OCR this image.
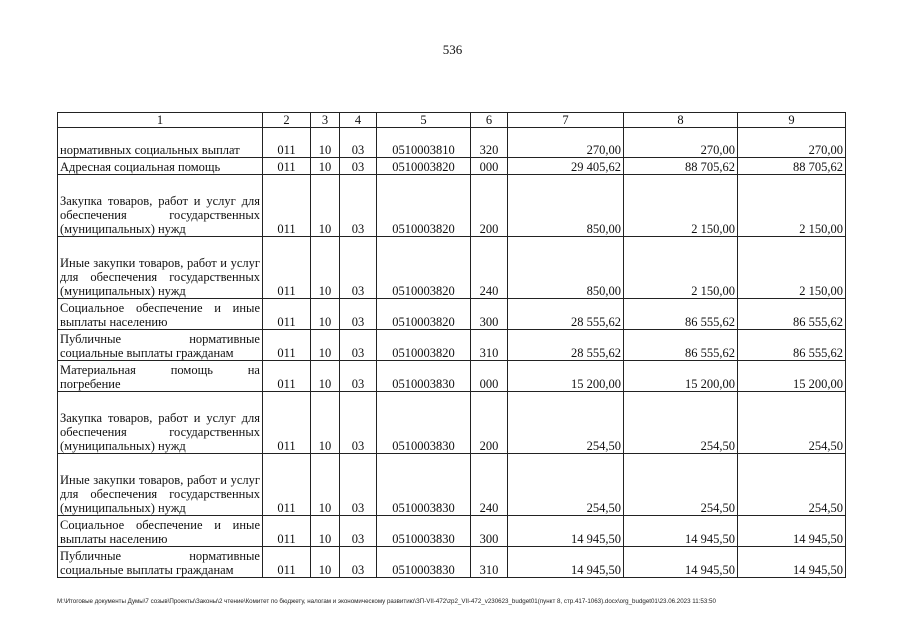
536
1	2	3	4	5	6	7	8	9
нормативных социальных выплат	011	10	03	0510003810	320	270,00	270,00	270,00
Адресная социальная помощь	011	10	03	0510003820	000	29 405,62	88 705,62	88 705,62
Закупка товаров, работ и услуг для обеспечения государственных (муниципальных) нужд	011	10	03	0510003820	200	850,00	2 150,00	2 150,00
Иные закупки товаров, работ и услуг для обеспечения государственных (муниципальных) нужд	011	10	03	0510003820	240	850,00	2 150,00	2 150,00
Социальное обеспечение и иные выплаты населению	011	10	03	0510003820	300	28 555,62	86 555,62	86 555,62
Публичные нормативные социальные выплаты гражданам	011	10	03	0510003820	310	28 555,62	86 555,62	86 555,62
Материальная помощь на погребение	011	10	03	0510003830	000	15 200,00	15 200,00	15 200,00
Закупка товаров, работ и услуг для обеспечения государственных (муниципальных) нужд	011	10	03	0510003830	200	254,50	254,50	254,50
Иные закупки товаров, работ и услуг для обеспечения государственных (муниципальных) нужд	011	10	03	0510003830	240	254,50	254,50	254,50
Социальное обеспечение и иные выплаты населению	011	10	03	0510003830	300	14 945,50	14 945,50	14 945,50
Публичные нормативные социальные выплаты гражданам	011	10	03	0510003830	310	14 945,50	14 945,50	14 945,50
M:\Итоговые документы Думы\7 созыв\Проекты\Законы\2 чтение\Комитет по бюджету, налогам и экономическому развитию\ЗП-VII-472\zp2_VII-472_v230623_budget01(пункт 8, стр.417-1063).docx\org_budget01\23.06.2023 11:53:50
